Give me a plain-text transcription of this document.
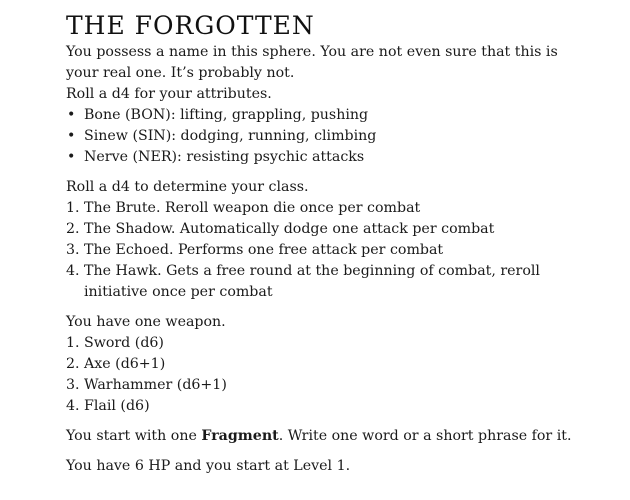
THE FORGOTTEN

You possess a name in this sphere. You are not even sure that this is your real one. It’s probably not.

Roll a d4 for your attributes.

• Bone (BON): lifting, grappling, pushing
• Sinew (SIN): dodging, running, climbing
• Nerve (NER): resisting psychic attacks

Roll a d4 to determine your class.

1. The Brute. Reroll weapon die once per combat
2. The Shadow. Automatically dodge one attack per combat
3. The Echoed. Performs one free attack per combat
4. The Hawk. Gets a free round at the beginning of combat, reroll initiative once per combat

You have one weapon.

1. Sword (d6)
2. Axe (d6+1)
3. Warhammer (d6+1)
4. Flail (d6)

You start with one Fragment. Write one word or a short phrase for it.

You have 6 HP and you start at Level 1.
